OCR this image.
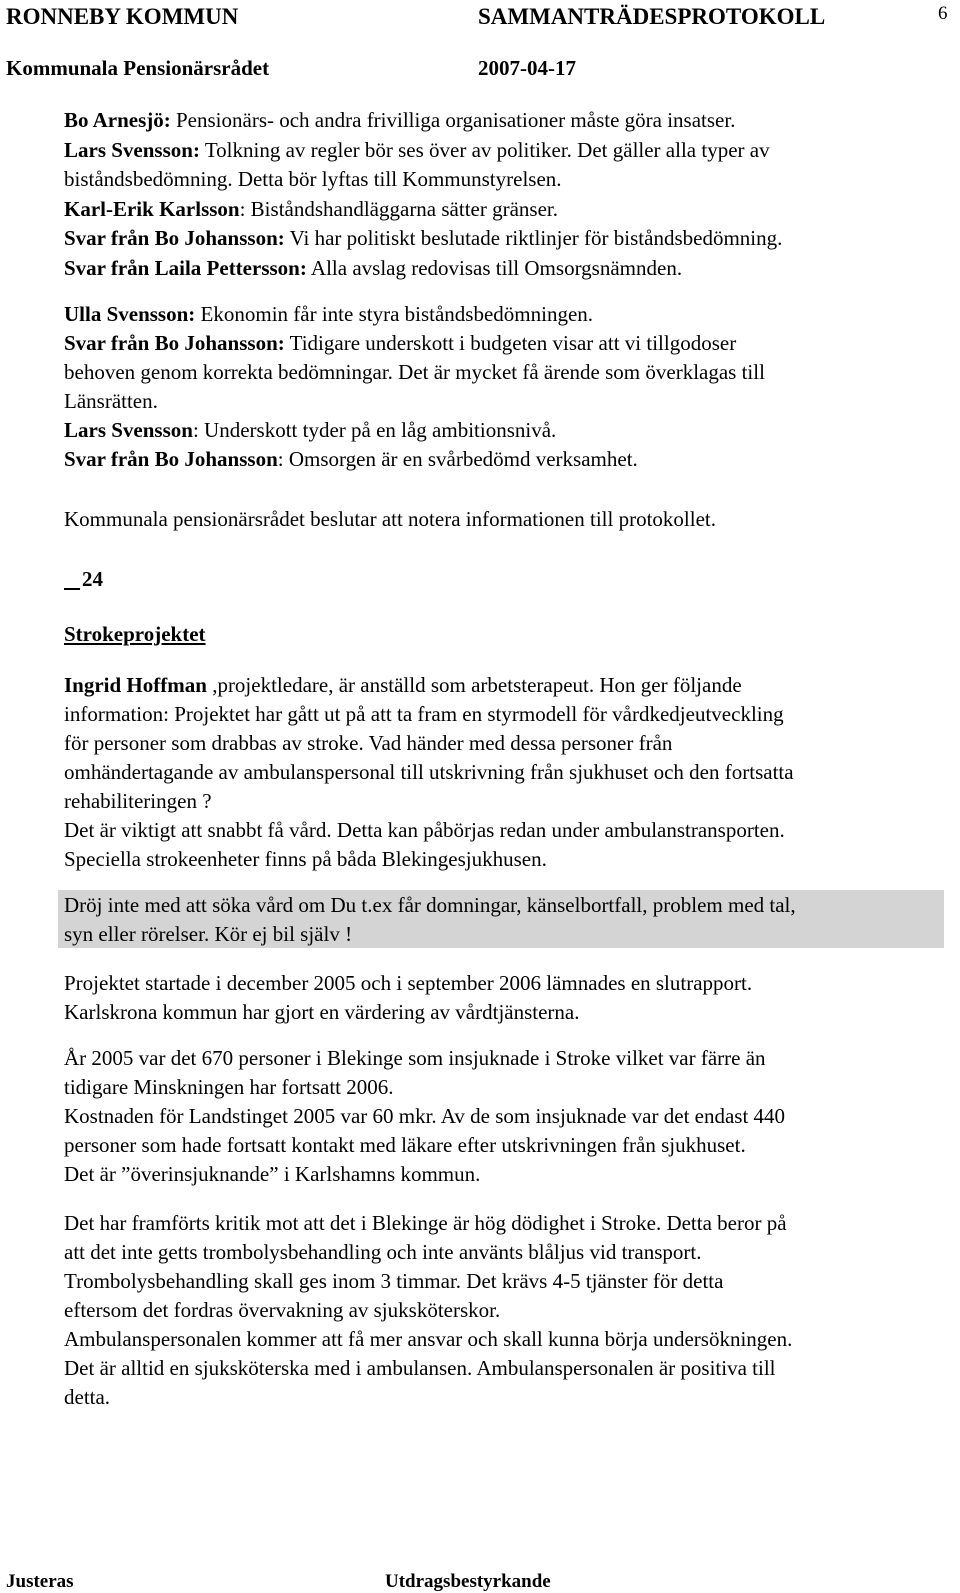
RONNEBY KOMMUN	SAMMANTRÄDESPROTOKOLL	6
Kommunala Pensionärsrådet	2007-04-17
Bo Arnesjö: Pensionärs- och andra frivilliga organisationer måste göra insatser.
Lars Svensson: Tolkning av regler bör ses över av politiker. Det gäller alla typer av
biståndsbedömning. Detta bör lyftas till Kommunstyrelsen.
Karl-Erik Karlsson: Biståndshandläggarna sätter gränser.
Svar från Bo Johansson: Vi har politiskt beslutade riktlinjer för biståndsbedömning.
Svar från Laila Pettersson: Alla avslag redovisas till Omsorgsnämnden.
Ulla Svensson: Ekonomin får inte styra biståndsbedömningen.
Svar från Bo Johansson: Tidigare underskott i budgeten visar att vi tillgodoser
behoven genom korrekta bedömningar. Det är mycket få ärende som överklagas till
Länsrätten.
Lars Svensson: Underskott tyder på en låg ambitionsnivå.
Svar från Bo Johansson: Omsorgen är en svårbedömd verksamhet.
Kommunala pensionärsrådet beslutar att notera informationen till protokollet.
24
Strokeprojektet
Ingrid Hoffman ,projektledare, är anställd som arbetsterapeut. Hon ger följande
information: Projektet har gått ut på att ta fram en styrmodell för vårdkedjeutveckling
för personer som drabbas av stroke. Vad händer med dessa personer från
omhändertagande av ambulanspersonal till utskrivning från sjukhuset och den fortsatta
rehabiliteringen ?
Det är viktigt att snabbt få vård. Detta kan påbörjas redan under ambulanstransporten.
Speciella strokeenheter finns på båda Blekingesjukhusen.
Dröj inte med att söka vård om Du t.ex får domningar, känselbortfall, problem med tal,
syn eller rörelser. Kör ej bil själv !
Projektet startade i december 2005 och i september 2006 lämnades en slutrapport.
Karlskrona kommun har gjort en värdering av vårdtjänsterna.
År 2005 var det 670 personer i Blekinge som insjuknade i Stroke vilket var färre än
tidigare Minskningen har fortsatt 2006.
Kostnaden för Landstinget 2005 var 60 mkr. Av de som insjuknade var det endast 440
personer som hade fortsatt kontakt med läkare efter utskrivningen från sjukhuset.
Det är ”överinsjuknande” i Karlshamns kommun.
Det har framförts kritik mot att det i Blekinge är hög dödighet i Stroke. Detta beror på
att det inte getts trombolysbehandling och inte använts blåljus vid transport.
Trombolysbehandling skall ges inom 3 timmar. Det krävs 4-5 tjänster för detta
eftersom det fordras övervakning av sjuksköterskor.
Ambulanspersonalen kommer att få mer ansvar och skall kunna börja undersökningen.
Det är alltid en sjuksköterska med i ambulansen. Ambulanspersonalen är positiva till
detta.
Justeras	Utdragsbestyrkande
